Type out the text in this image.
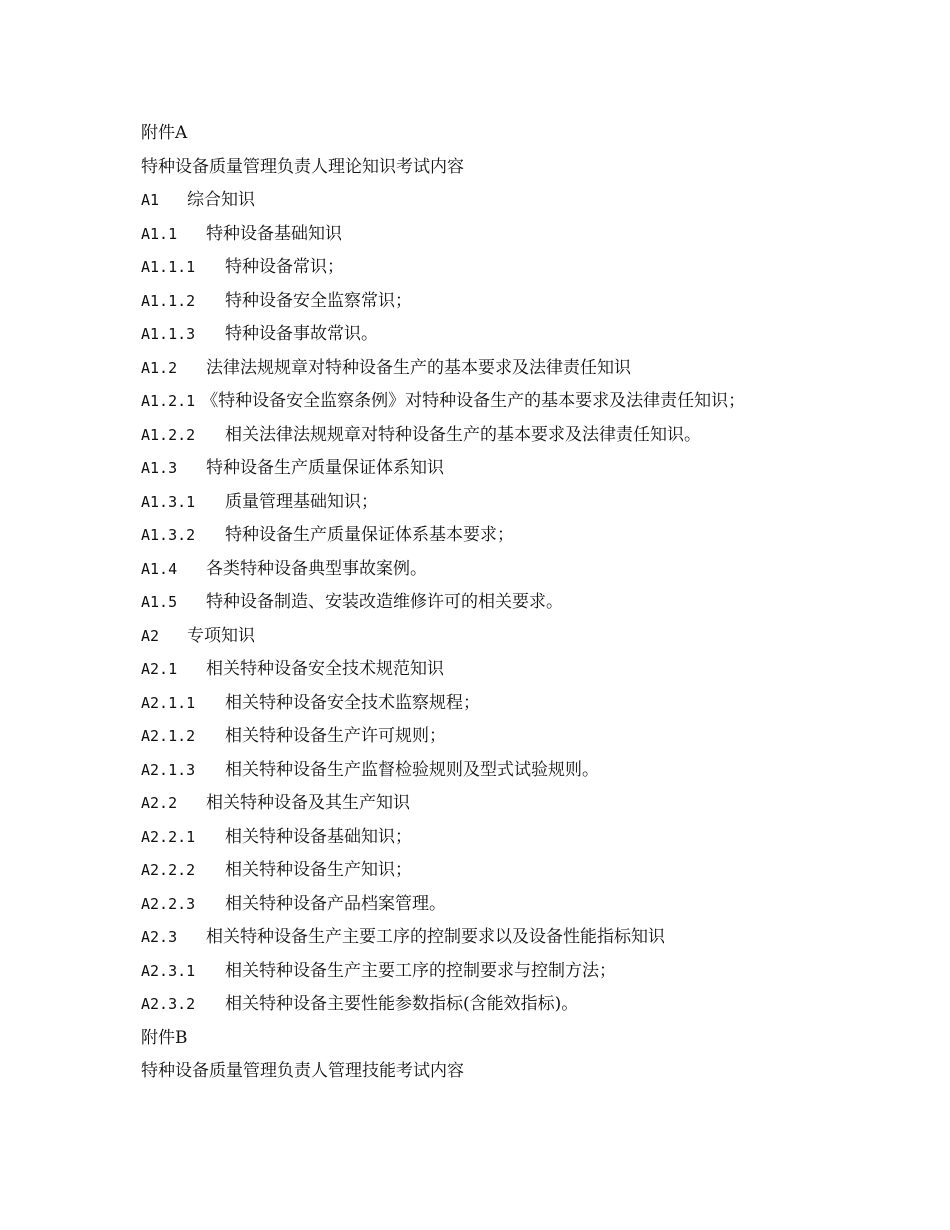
附件A
特种设备质量管理负责人理论知识考试内容
A1	综合知识
A1.1	特种设备基础知识
A1.1.1	特种设备常识；
A1.1.2	特种设备安全监察常识；
A1.1.3	特种设备事故常识。
A1.2	法律法规规章对特种设备生产的基本要求及法律责任知识
A1.2.1 《特种设备安全监察条例》对特种设备生产的基本要求及法律责任知识；
A1.2.2	相关法律法规规章对特种设备生产的基本要求及法律责任知识。
A1.3	特种设备生产质量保证体系知识
A1.3.1	质量管理基础知识；
A1.3.2	特种设备生产质量保证体系基本要求；
A1.4	各类特种设备典型事故案例。
A1.5	特种设备制造、安装改造维修许可的相关要求。
A2	专项知识
A2.1	相关特种设备安全技术规范知识
A2.1.1	相关特种设备安全技术监察规程；
A2.1.2	相关特种设备生产许可规则；
A2.1.3	相关特种设备生产监督检验规则及型式试验规则。
A2.2	相关特种设备及其生产知识
A2.2.1	相关特种设备基础知识；
A2.2.2	相关特种设备生产知识；
A2.2.3	相关特种设备产品档案管理。
A2.3	相关特种设备生产主要工序的控制要求以及设备性能指标知识
A2.3.1	相关特种设备生产主要工序的控制要求与控制方法；
A2.3.2	相关特种设备主要性能参数指标(含能效指标)。
附件B
特种设备质量管理负责人管理技能考试内容
